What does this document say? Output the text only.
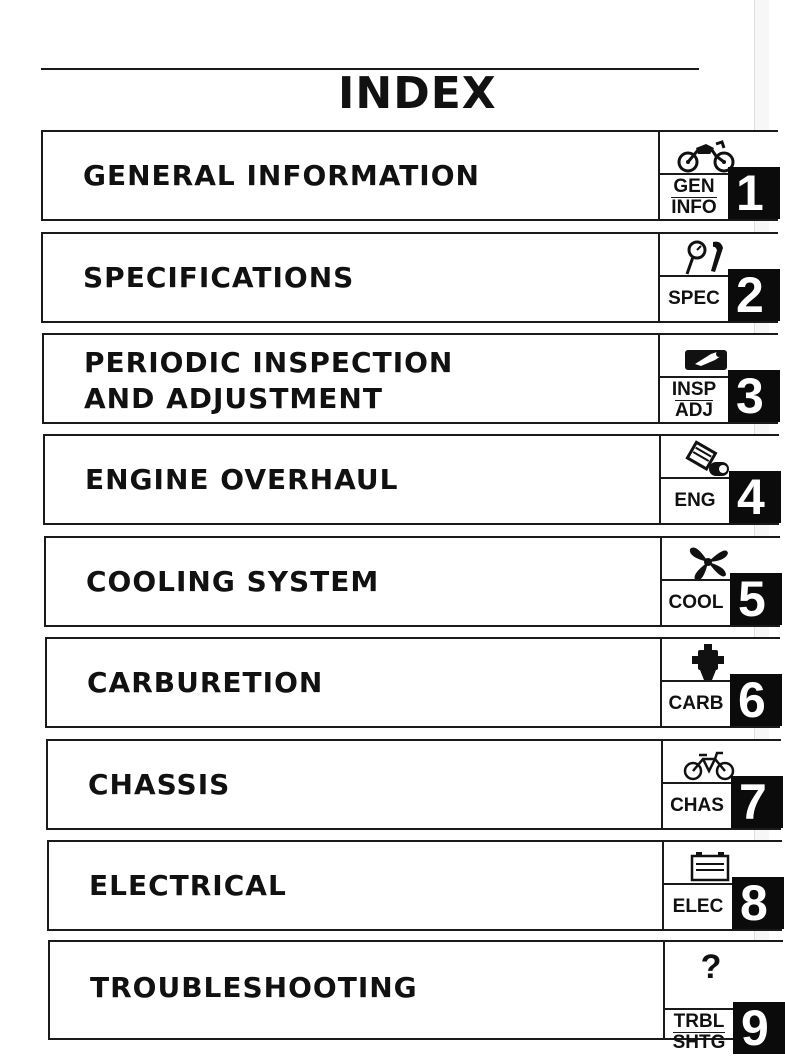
INDEX
GENERAL INFORMATION	GEN
INFO 1
SPECIFICATIONS
SPEC 2
PERIODIC INSPECTION
AND ADJUSTMENT	INSP
ADJ 3
ENGINE OVERHAUL
ENG 4
COOLING SYSTEM
COOL 5
CARBURETION
CARB 6
CHASSIS
CHAS 7
ELECTRICAL
ELEC 8
TROUBLESHOOTING
?
TRBL
SHTG 9
